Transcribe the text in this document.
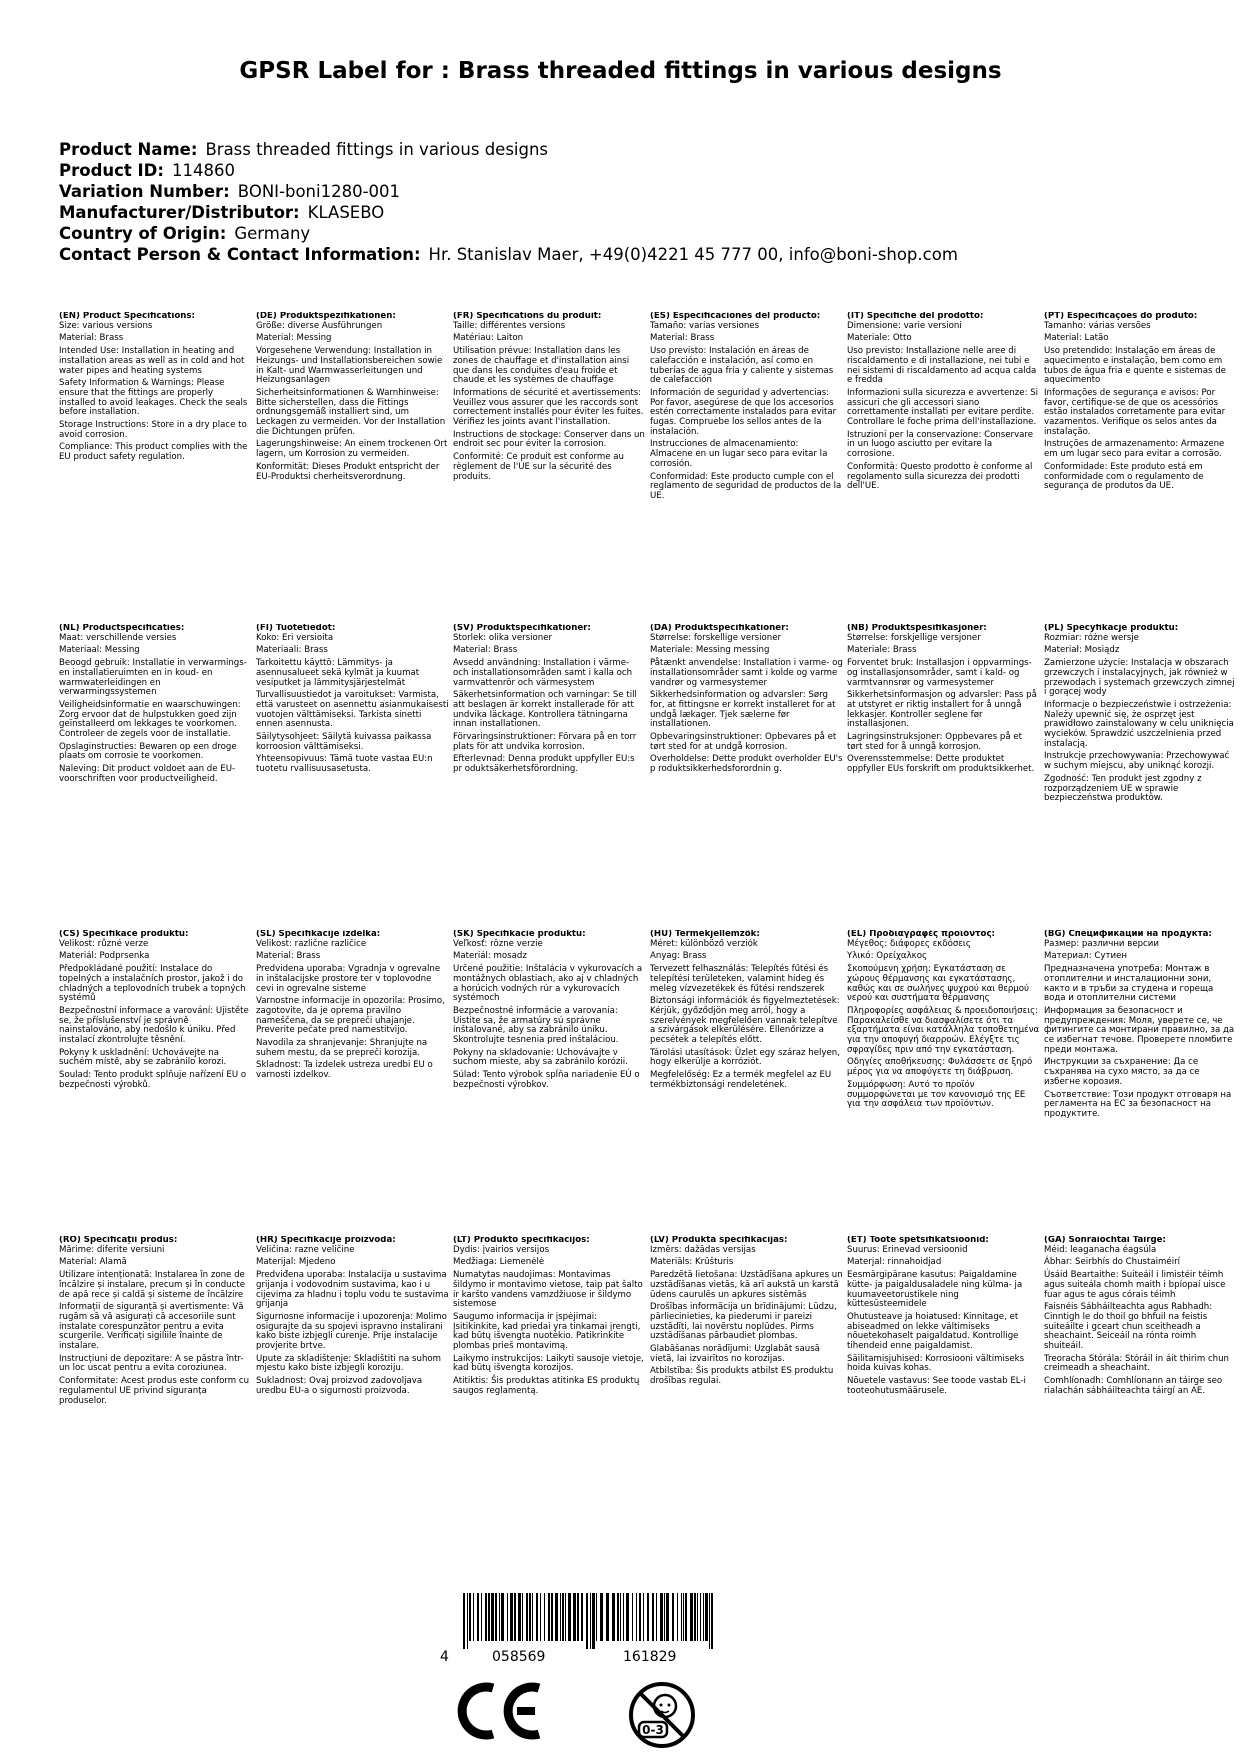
GPSR Label for : Brass threaded fittings in various designs
Product Name: Brass threaded fittings in various designs
Product ID: 114860
Variation Number: BONI-boni1280-001
Manufacturer/Distributor: KLASEBO
Country of Origin: Germany
Contact Person & Contact Information: Hr. Stanislav Maer, +49(0)4221 45 777 00, info@boni-shop.com
(EN) Product Specifications:
Size: various versions
Material: Brass
Intended Use: Installation in heating and installation areas as well as in cold and hot water pipes and heating systems
Safety Information & Warnings: Please ensure that the fittings are properly installed to avoid leakages. Check the seals before installation.
Storage Instructions: Store in a dry place to avoid corrosion.
Compliance: This product complies with the EU product safety regulation.
(DE) Produktspezifikationen:
Größe: diverse Ausführungen
Material: Messing
Vorgesehene Verwendung: Installation in Heizungs- und Installationsbereichen sowie in Kalt- und Warmwasserleitungen und Heizungsanlagen
Sicherheitsinformationen & Warnhinweise: Bitte sicherstellen, dass die Fittings ordnungsgemäß installiert sind, um Leckagen zu vermeiden. Vor der Installation die Dichtungen prüfen.
Lagerungshinweise: An einem trockenen Ort lagern, um Korrosion zu vermeiden.
Konformität: Dieses Produkt entspricht der EU-Produktsi cherheitsverordnung.
(FR) Spécifications du produit:
Taille: différentes versions
Matériau: Laiton
Utilisation prévue: Installation dans les zones de chauffage et d'installation ainsi que dans les conduites d'eau froide et chaude et les systèmes de chauffage
Informations de sécurité et avertissements: Veuillez vous assurer que les raccords sont correctement installés pour éviter les fuites. Vérifiez les joints avant l'installation.
Instructions de stockage: Conserver dans un endroit sec pour éviter la corrosion.
Conformité: Ce produit est conforme au règlement de l'UE sur la sécurité des produits.
(ES) Especificaciones del producto:
Tamaño: varias versiones
Material: Brass
Uso previsto: Instalación en áreas de calefacción e instalación, así como en tuberías de agua fría y caliente y sistemas de calefacción
Información de seguridad y advertencias: Por favor, asegúrese de que los accesorios estén correctamente instalados para evitar fugas. Compruebe los sellos antes de la instalación.
Instrucciones de almacenamiento: Almacene en un lugar seco para evitar la corrosión.
Conformidad: Este producto cumple con el reglamento de seguridad de productos de la UE.
(IT) Specifiche del prodotto:
Dimensione: varie versioni
Materiale: Otto
Uso previsto: Installazione nelle aree di riscaldamento e di installazione, nei tubi e nei sistemi di riscaldamento ad acqua calda e fredda
Informazioni sulla sicurezza e avvertenze: Si assicuri che gli accessori siano correttamente installati per evitare perdite. Controllare le foche prima dell'installazione.
Istruzioni per la conservazione: Conservare in un luogo asciutto per evitare la corrosione.
Conformità: Questo prodotto è conforme al regolamento sulla sicurezza dei prodotti dell'UE.
(PT) Especificações do produto:
Tamanho: várias versões
Material: Latão
Uso pretendido: Instalação em áreas de aquecimento e instalação, bem como em tubos de água fria e quente e sistemas de aquecimento
Informações de segurança e avisos: Por favor, certifique-se de que os acessórios estão instalados corretamente para evitar vazamentos. Verifique os selos antes da instalação.
Instruções de armazenamento: Armazene em um lugar seco para evitar a corrosão.
Conformidade: Este produto está em conformidade com o regulamento de segurança de produtos da UE.
(NL) Productspecificaties:
Maat: verschillende versies
Materiaal: Messing
Beoogd gebruik: Installatie in verwarmings- en installatieruimten en in koud- en warmwaterleidingen en verwarmingssystemen
Veiligheidsinformatie en waarschuwingen: Zorg ervoor dat de hulpstukken goed zijn geïnstalleerd om lekkages te voorkomen. Controleer de zegels voor de installatie.
Opslaginstructies: Bewaren op een droge plaats om corrosie te voorkomen.
Naleving: Dit product voldoet aan de EU-voorschriften voor productveiligheid.
(FI) Tuotetiedot:
Koko: Eri versioita
Materiaali: Brass
Tarkoitettu käyttö: Lämmitys- ja asennusalueet sekä kylmät ja kuumat vesiputket ja lämmitysjärjestelmät
Turvallisuustiedot ja varoitukset: Varmista, että varusteet on asennettu asianmukaisesti vuotojen välttämiseksi. Tarkista sinetti ennen asennusta.
Säilytysohjeet: Säilytä kuivassa paikassa korroosion välttämiseksi.
Yhteensopivuus: Tämä tuote vastaa EU:n tuotetu rvallisuusasetusta.
(SV) Produktspecifikationer:
Storlek: olika versioner
Material: Brass
Avsedd användning: Installation i värme- och installationsområden samt i kalla och varmvattenrör och värmesystem
Säkerhetsinformation och varningar: Se till att beslagen är korrekt installerade för att undvika läckage. Kontrollera tätningarna innan installationen.
Förvaringsinstruktioner: Förvara på en torr plats för att undvika korrosion.
Efterlevnad: Denna produkt uppfyller EU:s pr oduktsäkerhetsförordning.
(DA) Produktspecifikationer:
Størrelse: forskellige versioner
Materiale: Messing messing
Påtænkt anvendelse: Installation i varme- og installationsområder samt i kolde og varme vandrør og varmesystemer
Sikkerhedsinformation og advarsler: Sørg for, at fittingsne er korrekt installeret for at undgå lækager. Tjek sælerne før installationen.
Opbevaringsinstruktioner: Opbevares på et tørt sted for at undgå korrosion.
Overholdelse: Dette produkt overholder EU's p roduktsikkerhedsforordnin g.
(NB) Produktspesifikasjoner:
Størrelse: forskjellige versjoner
Materiale: Brass
Forventet bruk: Installasjon i oppvarmings- og installasjonsområder, samt i kald- og varmtvannsrør og varmesystemer
Sikkerhetsinformasjon og advarsler: Pass på at utstyret er riktig installert for å unngå lekkasjer. Kontroller seglene før installasjonen.
Lagringsinstruksjoner: Oppbevares på et tørt sted for å unngå korrosjon.
Overensstemmelse: Dette produktet oppfyller EUs forskrift om produktsikkerhet.
(PL) Specyfikacje produktu:
Rozmiar: różne wersje
Materiał: Mosiądz
Zamierzone użycie: Instalacja w obszarach grzewczych i instalacyjnych, jak również w przewodach i systemach grzewczych zimnej i gorącej wody
Informacje o bezpieczeństwie i ostrzeżenia: Należy upewnić się, że osprzęt jest prawidłowo zainstalowany w celu uniknięcia wycieków. Sprawdzić uszczelnienia przed instalacją.
Instrukcje przechowywania: Przechowywać w suchym miejscu, aby uniknąć korozji.
Zgodność: Ten produkt jest zgodny z rozporządzeniem UE w sprawie bezpieczeństwa produktów.
(CS) Specifikace produktu:
Velikost: různé verze
Materiál: Podprsenka
Předpokládané použití: Instalace do topelných a instalačních prostor, jakož i do chladných a teplovodních trubek a topných systémů
Bezpečnostní informace a varování: Ujistěte se, že příslušenství je správně nainstalováno, aby nedošlo k úniku. Před instalací zkontrolujte těsnění.
Pokyny k uskladnění: Uchovávejte na suchém místě, aby se zabránilo korozi.
Soulad: Tento produkt splňuje nařízení EU o bezpečnosti výrobků.
(SL) Specifikacije izdelka:
Velikost: različne različice
Material: Brass
Predvidena uporaba: Vgradnja v ogrevalne in inštalacijske prostore ter v toplovodne cevi in ogrevalne sisteme
Varnostne informacije in opozorila: Prosimo, zagotovite, da je oprema pravilno nameščena, da se prepreči uhajanje. Preverite pečate pred namestitvijo.
Navodila za shranjevanje: Shranjujte na suhem mestu, da se prepreči korozija.
Skladnost: Ta izdelek ustreza uredbi EU o varnosti izdelkov.
(SK) Špecifikácie produktu:
Veľkosť: rôzne verzie
Materiál: mosadz
Určené použitie: Inštalácia v vykurovacích a montážnych oblastiach, ako aj v chladných a horúcich vodných rúr a vykurovacích systémoch
Bezpečnostné informácie a varovania: Uistite sa, že armatúry sú správne inštalované, aby sa zabránilo úniku. Skontrolujte tesnenia pred inštaláciou.
Pokyny na skladovanie: Uchovávajte v suchom mieste, aby sa zabránilo korózii.
Súlad: Tento výrobok spĺňa nariadenie EÚ o bezpečnosti výrobkov.
(HU) Termékjellemzők:
Méret: különböző verziók
Anyag: Brass
Tervezett felhasználás: Telepítés fűtési és telepítési területeken, valamint hideg és meleg vízvezetékek és fűtési rendszerek
Biztonsági információk és figyelmeztetések: Kérjük, győződjön meg arról, hogy a szerelvények megfelelően vannak telepítve a szivárgások elkerülésére. Ellenőrizze a pecsétek a telepítés előtt.
Tárolási utasítások: Üzlet egy száraz helyen, hogy elkerülje a korróziót.
Megfelelőség: Ez a termék megfelel az EU termékbiztonsági rendeletének.
(EL) Προδιαγραφές προϊόντος:
Μέγεθος: διάφορες εκδόσεις
Υλικό: Ορείχαλκος
Σκοπούμενη χρήση: Εγκατάσταση σε χώρους θέρμανσης και εγκατάστασης, καθώς και σε σωλήνες ψυχρού και θερμού νερού και συστήματα θέρμανσης
Πληροφορίες ασφάλειας & προειδοποιήσεις: Παρακαλείσθε να διασφαλίσετε ότι τα εξαρτήματα είναι κατάλληλα τοποθετημένα για την αποφυγή διαρροών. Ελέγξτε τις σφραγίδες πριν από την εγκατάσταση.
Οδηγίες αποθήκευσης: Φυλάσσετε σε ξηρό μέρος για να αποφύγετε τη διάβρωση.
Συμμόρφωση: Αυτό το προϊόν συμμορφώνεται με τον κανονισμό της ΕΕ για την ασφάλεια των προϊόντων.
(BG) Спецификации на продукта:
Размер: различни версии
Материал: Сутиен
Предназначена употреба: Монтаж в отоплителни и инсталационни зони, както и в тръби за студена и гореща вода и отоплителни системи
Информация за безопасност и предупреждения: Моля, уверете се, че фитингите са монтирани правилно, за да се избегнат течове. Проверете пломбите преди монтажа.
Инструкции за съхранение: Да се съхранява на сухо място, за да се избегне корозия.
Съответствие: Този продукт отговаря на регламента на ЕС за безопасност на продуктите.
(RO) Specificații produs:
Mărime: diferite versiuni
Material: Alamă
Utilizare intenționată: Instalarea în zone de încălzire și instalare, precum și în conducte de apă rece și caldă și sisteme de încălzire
Informații de siguranță și avertismente: Vă rugăm să vă asigurați că accesoriile sunt instalate corespunzător pentru a evita scurgerile. Verificați sigiliile înainte de instalare.
Instrucțiuni de depozitare: A se păstra într-un loc uscat pentru a evita coroziunea.
Conformitate: Acest produs este conform cu regulamentul UE privind siguranța produselor.
(HR) Specifikacije proizvoda:
Veličina: razne veličine
Materijal: Mjedeno
Predviđena uporaba: Instalacija u sustavima grijanja i vodovodnim sustavima, kao i u cijevima za hladnu i toplu vodu te sustavima grijanja
Sigurnosne informacije i upozorenja: Molimo osigurajte da su spojevi ispravno instalirani kako biste izbjegli curenje. Prije instalacije provjerite brtve.
Upute za skladištenje: Skladištiti na suhom mjestu kako biste izbjegli koroziju.
Sukladnost: Ovaj proizvod zadovoljava uredbu EU-a o sigurnosti proizvoda.
(LT) Produkto specifikacijos:
Dydis: įvairios versijos
Medžiaga: Liemenėlė
Numatytas naudojimas: Montavimas šildymo ir montavimo vietose, taip pat šalto ir karšto vandens vamzdžiuose ir šildymo sistemose
Saugumo informacija ir įspėjimai: Įsitikinkite, kad priedai yra tinkamai įrengti, kad būtų išvengta nuotėkio. Patikrinkite plombas prieš montavimą.
Laikymo instrukcijos: Laikyti sausoje vietoje, kad būtų išvengta korozijos.
Atitiktis: Šis produktas atitinka ES produktų saugos reglamentą.
(LV) Produkta specifikācijas:
Izmērs: dažādas versijas
Materiāls: Krūšturis
Paredzētā lietošana: Uzstādīšana apkures un uzstādīšanas vietās, kā arī aukstā un karstā ūdens caurulēs un apkures sistēmās
Drošības informācija un brīdinājumi: Lūdzu, pārliecinieties, ka piederumi ir pareizi uzstādīti, lai novērstu noplūdes. Pirms uzstādīšanas pārbaudiet plombas.
Glabāšanas norādījumi: Uzglabāt sausā vietā, lai izvairītos no korozijas.
Atbilstība: Šis produkts atbilst ES produktu drošības regulai.
(ET) Toote spetsifikatsioonid:
Suurus: Erinevad versioonid
Materjal: rinnahoidjad
Eesmärgipärane kasutus: Paigaldamine kütte- ja paigaldusaladele ning külma- ja kuumaveetorustikele ning küttesüsteemidele
Ohutusteave ja hoiatused: Kinnitage, et abiseadmed on lekke vältimiseks nõuetekohaselt paigaldatud. Kontrollige tihendeid enne paigaldamist.
Säilitamisjuhised: Korrosiooni vältimiseks hoida kuivas kohas.
Nõuetele vastavus: See toode vastab EL-i tooteohutusmäärusele.
(GA) Sonraíochtaí Táirge:
Méid: leaganacha éagsúla
Ábhar: Seirbhís do Chustaiméirí
Úsáid Beartaithe: Suiteáil i limistéir téimh agus suiteála chomh maith i bpíopaí uisce fuar agus te agus córais téimh
Faisnéis Sábháilteachta agus Rabhadh: Cinntigh le do thoil go bhfuil na feistis suiteáilte i gceart chun sceitheadh a sheachaint. Seiceáil na rónta roimh shuiteáil.
Treoracha Stórála: Stóráil in áit thirim chun creimeadh a sheachaint.
Comhlíonadh: Comhlíonann an táirge seo rialachán sábháilteachta táirgí an AE.
4	058569	161829
0-3
